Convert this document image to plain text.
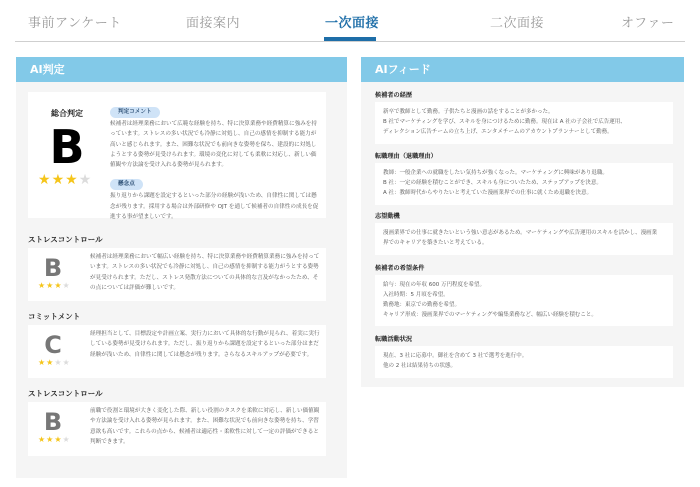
事前アンケート	面接案内	一次面接	二次面接	オファー
AI判定
総合判定
B
★★★★
判定コメント
候補者は経理業務において広範な経験を持ち、特に決算業務や経費精算に強みを持っています。ストレスの多い状況でも冷静に対処し、自己の感情を抑制する能力が高いと感じられます。また、困難な状況でも前向きな姿勢を保ち、建設的に対処しようとする姿勢が見受けられます。環境の変化に対しても柔軟に対応し、新しい価値観や方法論を受け入れる姿勢が見られます。
懸念点
振り返りから課題を設定するといった部分の経験が浅いため、自律性に関しては懸念が残ります。採用する場合は外部研修や OJT を通して候補者の自律性の成長を促進する事が望ましいです。
ストレスコントロール
B
★★★★
候補者は経理業務において幅広い経験を持ち、特に決算業務や経費精算業務に強みを持っています。ストレスの多い状況でも冷静に対処し、自己の感情を抑制する能力がうとする姿勢が見受けられます。ただし、ストレス発散方法についての具体的な言及がなかったため、その点については評価が難しいです。
コミットメント
C
★★★★
経理担当として、目標設定や計画立案、実行力において具体的な行動が見られ、着実に実行している姿勢が見受けられます。ただし、振り返りから課題を設定するといった部分はまだ経験が浅いため、自律性に関しては懸念が残ります。さらなるスキルアップが必要です。
ストレスコントロール
B
★★★★
前職で役割と環境が大きく変化した際、新しい役割のタスクを柔軟に対応し、新しい価値観や方法論を受け入れる姿勢が見られます。また、困難な状況でも前向きな姿勢を持ち、学習意欲も高いです。これらの点から、候補者は適応性・柔軟性に対して一定の評価ができると判断できます。
AIフィード
候補者の経歴
新卒で教師として勤務。子供たちと漫画の話をすることが多かった。
B 社でマーケティングを学び、スキルを身につけるために勤務。現在は A 社の子会社で広告運用、
ディレクション広告チームの立ち上げ、エンタメチームのアカウントプランナーとして勤務。
転職理由（退職理由）
教師：一般企業への就職をしたい気持ちが強くなった。マーケティングに興味があり退職。
B 社：一定の経験を積むことができ、スキルも身についたため、ステップアップを決意。
A 社：教師時代からやりたいと考えていた漫画業界での仕事に就くため退職を決意。
志望動機
漫画業界での仕事に就きたいという強い意志があるため。マーケティングや広告運用のスキルを活かし、漫画業
界でのキャリアを築きたいと考えている。
候補者の希望条件
給与：現在の年収 600 万円程度を希望。
入社時期：5 月頃を希望。
勤務地：東京での勤務を希望。
キャリア形成：漫画業界でのマーケティングや編集業務など、幅広い経験を積むこと。
転職活動状況
現在、3 社に応募中。御社を含めて 3 社で選考を進行中。
他の 2 社は結果待ちの状態。
